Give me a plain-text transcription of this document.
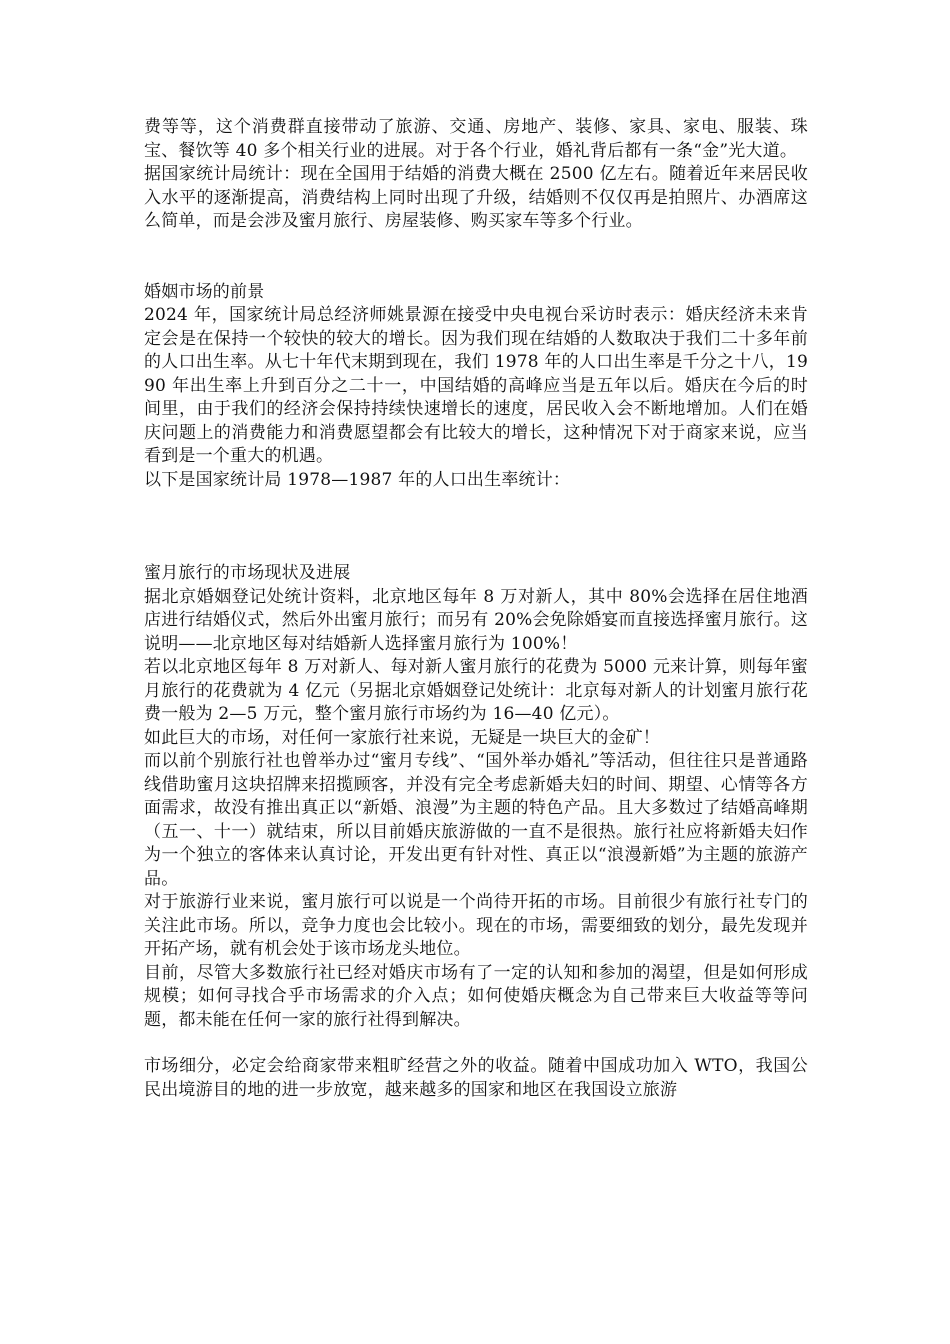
费等等，这个消费群直接带动了旅游、交通、房地产、装修、家具、家电、服装、珠宝、餐饮等 40 多个相关行业的进展。对于各个行业，婚礼背后都有一条“金”光大道。

据国家统计局统计：现在全国用于结婚的消费大概在 2500 亿左右。随着近年来居民收入水平的逐渐提高，消费结构上同时出现了升级，结婚则不仅仅再是拍照片、办酒席这么简单，而是会涉及蜜月旅行、房屋装修、购买家车等多个行业。

婚姻市场的前景

2024 年，国家统计局总经济师姚景源在接受中央电视台采访时表示：婚庆经济未来肯定会是在保持一个较快的较大的增长。因为我们现在结婚的人数取决于我们二十多年前的人口出生率。从七十年代末期到现在，我们 1978 年的人口出生率是千分之十八，1990 年出生率上升到百分之二十一，中国结婚的高峰应当是五年以后。婚庆在今后的时间里，由于我们的经济会保持持续快速增长的速度，居民收入会不断地增加。人们在婚庆问题上的消费能力和消费愿望都会有比较大的增长，这种情况下对于商家来说，应当看到是一个重大的机遇。

以下是国家统计局 1978—1987 年的人口出生率统计：

蜜月旅行的市场现状及进展

据北京婚姻登记处统计资料，北京地区每年 8 万对新人，其中 80%会选择在居住地酒店进行结婚仪式，然后外出蜜月旅行；而另有 20%会免除婚宴而直接选择蜜月旅行。这说明——北京地区每对结婚新人选择蜜月旅行为 100%！

若以北京地区每年 8 万对新人、每对新人蜜月旅行的花费为 5000 元来计算，则每年蜜月旅行的花费就为 4 亿元（另据北京婚姻登记处统计：北京每对新人的计划蜜月旅行花费一般为 2—5 万元，整个蜜月旅行市场约为 16—40 亿元）。

如此巨大的市场，对任何一家旅行社来说，无疑是一块巨大的金矿！

而以前个别旅行社也曾举办过“蜜月专线”、“国外举办婚礼”等活动，但往往只是普通路线借助蜜月这块招牌来招揽顾客，并没有完全考虑新婚夫妇的时间、期望、心情等各方面需求，故没有推出真正以“新婚、浪漫”为主题的特色产品。且大多数过了结婚高峰期（五一、十一）就结束，所以目前婚庆旅游做的一直不是很热。旅行社应将新婚夫妇作为一个独立的客体来认真讨论，开发出更有针对性、真正以“浪漫新婚”为主题的旅游产品。

对于旅游行业来说，蜜月旅行可以说是一个尚待开拓的市场。目前很少有旅行社专门的关注此市场。所以，竞争力度也会比较小。现在的市场，需要细致的划分，最先发现并开拓产场，就有机会处于该市场龙头地位。

目前，尽管大多数旅行社已经对婚庆市场有了一定的认知和参加的渴望，但是如何形成规模；如何寻找合乎市场需求的介入点；如何使婚庆概念为自己带来巨大收益等等问题，都未能在任何一家的旅行社得到解决。

市场细分，必定会给商家带来粗旷经营之外的收益。随着中国成功加入 WTO，我国公民出境游目的地的进一步放宽，越来越多的国家和地区在我国设立旅游
